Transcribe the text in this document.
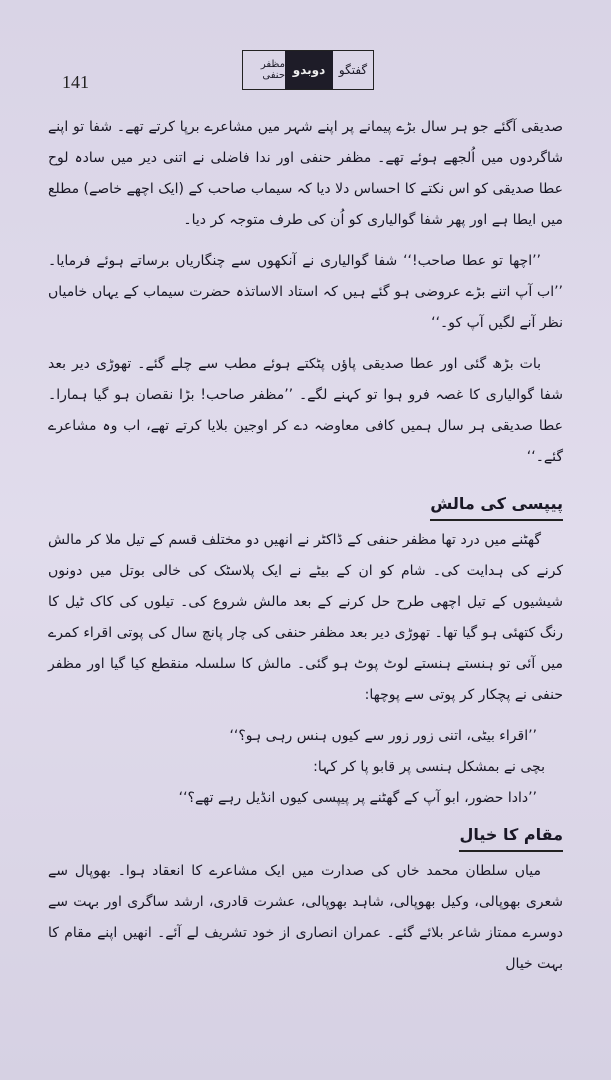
141
گفتگو
دوبدو
مظفر حنفی

صدیقی آگئے جو ہر سال بڑے پیمانے پر اپنے شہر میں مشاعرے برپا کرتے تھے۔ شفا تو اپنے شاگردوں میں اُلجھے ہوئے تھے۔ مظفر حنفی اور ندا فاضلی نے اتنی دیر میں سادہ لوح عطا صدیقی کو اس نکتے کا احساس دلا دیا کہ سیماب صاحب کے (ایک اچھے خاصے) مطلع میں ایطا ہے اور پھر شفا گوالیاری کو اُن کی طرف متوجہ کر دیا۔

’’اچھا تو عطا صاحب!‘‘ شفا گوالیاری نے آنکھوں سے چنگاریاں برساتے ہوئے فرمایا۔ ’’اب آپ اتنے بڑے عروضی ہو گئے ہیں کہ استاد الاساتذہ حضرت سیماب کے یہاں خامیاں نظر آنے لگیں آپ کو۔‘‘

بات بڑھ گئی اور عطا صدیقی پاؤں پٹکتے ہوئے مطب سے چلے گئے۔ تھوڑی دیر بعد شفا گوالیاری کا غصہ فرو ہوا تو کہنے لگے۔ ’’مظفر صاحب! بڑا نقصان ہو گیا ہمارا۔ عطا صدیقی ہر سال ہمیں کافی معاوضہ دے کر اوجین بلایا کرتے تھے، اب وہ مشاعرے گئے۔‘‘

پیپسی کی مالش

گھٹنے میں درد تھا مظفر حنفی کے ڈاکٹر نے انھیں دو مختلف قسم کے تیل ملا کر مالش کرنے کی ہدایت کی۔ شام کو ان کے بیٹے نے ایک پلاسٹک کی خالی بوتل میں دونوں شیشیوں کے تیل اچھی طرح حل کرنے کے بعد مالش شروع کی۔ تیلوں کی کاک ٹیل کا رنگ کتھئی ہو گیا تھا۔ تھوڑی دیر بعد مظفر حنفی کی چار پانچ سال کی پوتی اقراء کمرے میں آئی تو ہنستے ہنستے لوٹ پوٹ ہو گئی۔ مالش کا سلسلہ منقطع کیا گیا اور مظفر حنفی نے پچکار کر پوتی سے پوچھا:

’’اقراء بیٹی، اتنی زور زور سے کیوں ہنس رہی ہو؟‘‘

بچی نے بمشکل ہنسی پر قابو پا کر کہا:

’’دادا حضور، ابو آپ کے گھٹنے پر پیپسی کیوں انڈیل رہے تھے؟‘‘

مقام کا خیال

میاں سلطان محمد خاں کی صدارت میں ایک مشاعرے کا انعقاد ہوا۔ بھوپال سے شعری بھوپالی، وکیل بھوپالی، شاہد بھوپالی، عشرت قادری، ارشد ساگری اور بہت سے دوسرے ممتاز شاعر بلائے گئے۔ عمران انصاری از خود تشریف لے آئے۔ انھیں اپنے مقام کا بہت خیال
